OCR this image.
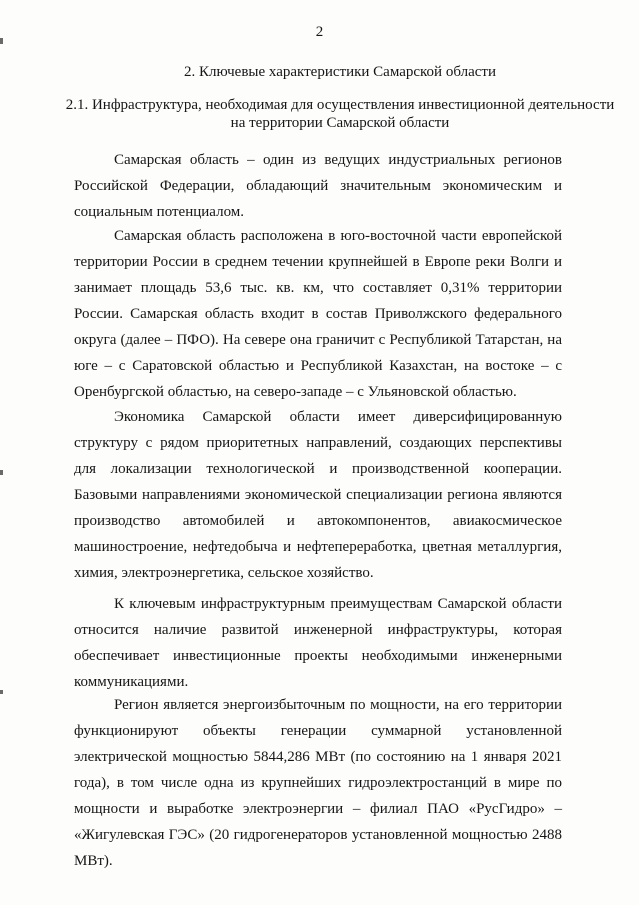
2
2. Ключевые характеристики Самарской области
2.1. Инфраструктура, необходимая для осуществления инвестиционной деятельности на территории Самарской области

Самарская область – один из ведущих индустриальных регионов Российской Федерации, обладающий значительным экономическим и социальным потенциалом.

Самарская область расположена в юго-восточной части европейской территории России в среднем течении крупнейшей в Европе реки Волги и занимает площадь 53,6 тыс. кв. км, что составляет 0,31% территории России. Самарская область входит в состав Приволжского федерального округа (далее – ПФО). На севере она граничит с Республикой Татарстан, на юге – с Саратовской областью и Республикой Казахстан, на востоке – с Оренбургской областью, на северо-западе – с Ульяновской областью.

Экономика Самарской области имеет диверсифицированную структуру с рядом приоритетных направлений, создающих перспективы для локализации технологической и производственной кооперации. Базовыми направлениями экономической специализации региона являются производство автомобилей и автокомпонентов, авиакосмическое машиностроение, нефтедобыча и нефтепереработка, цветная металлургия, химия, электроэнергетика, сельское хозяйство.

К ключевым инфраструктурным преимуществам Самарской области относится наличие развитой инженерной инфраструктуры, которая обеспечивает инвестиционные проекты необходимыми инженерными коммуникациями.

Регион является энергоизбыточным по мощности, на его территории функционируют объекты генерации суммарной установленной электрической мощностью 5844,286 МВт (по состоянию на 1 января 2021 года), в том числе одна из крупнейших гидроэлектростанций в мире по мощности и выработке электроэнергии – филиал ПАО «РусГидро» – «Жигулевская ГЭС» (20 гидрогенераторов установленной мощностью 2488 МВт).
